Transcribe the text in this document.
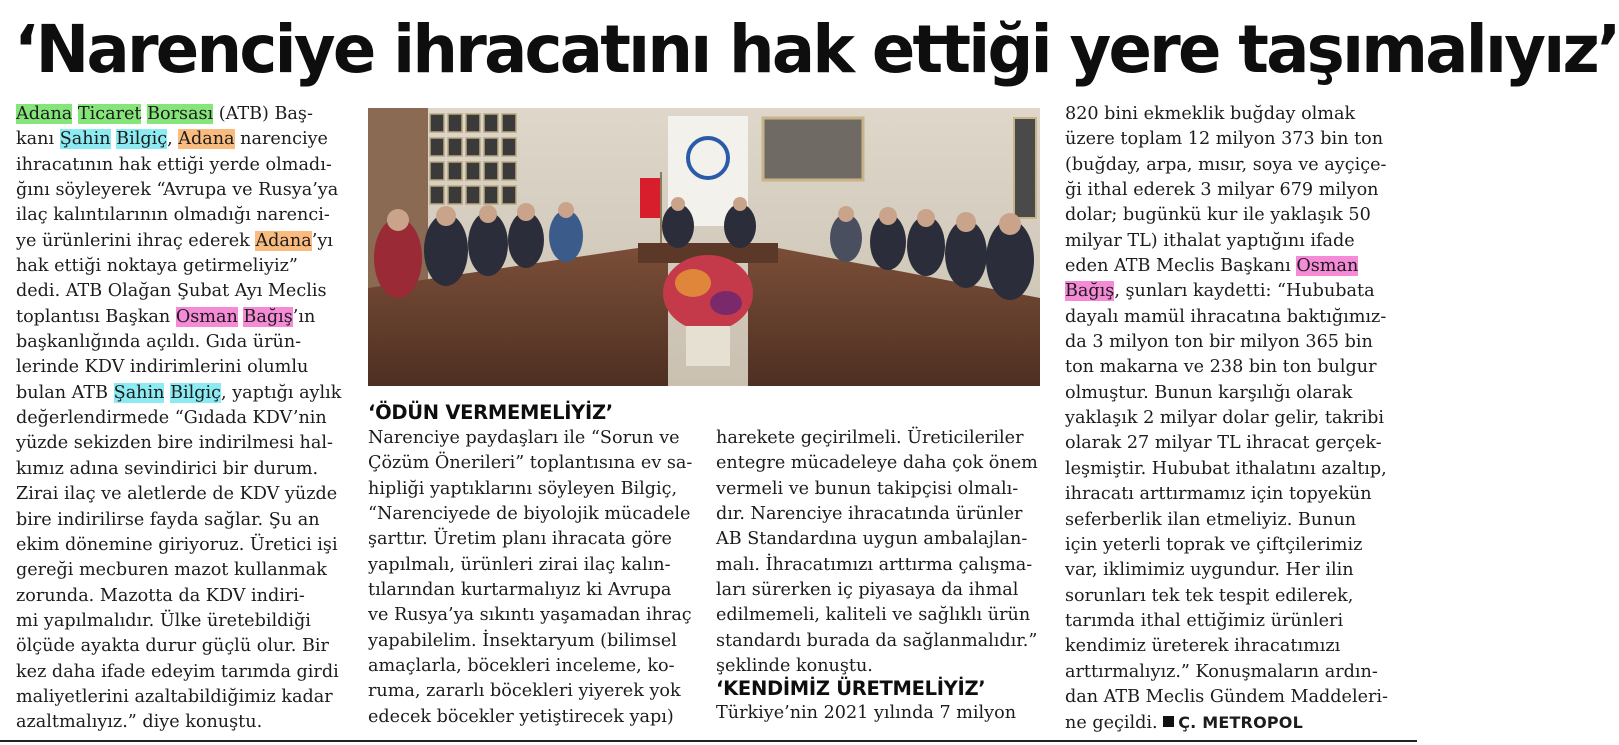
‘Narenciye ihracatını hak ettiği yere taşımalıyız’
Adana Ticaret Borsası (ATB) Baş-
kanı Şahin Bilgiç, Adana narenciye
ihracatının hak ettiği yerde olmadı-
ğını söyleyerek “Avrupa ve Rusya’ya
ilaç kalıntılarının olmadığı narenci-
ye ürünlerini ihraç ederek Adana’yı
hak ettiği noktaya getirmeliyiz”
dedi. ATB Olağan Şubat Ayı Meclis
toplantısı Başkan Osman Bağış’ın
başkanlığında açıldı. Gıda ürün-
lerinde KDV indirimlerini olumlu
bulan ATB Şahin Bilgiç, yaptığı aylık
değerlendirmede “Gıdada KDV’nin
yüzde sekizden bire indirilmesi hal-
kımız adına sevindirici bir durum.
Zirai ilaç ve aletlerde de KDV yüzde
bire indirilirse fayda sağlar. Şu an
ekim dönemine giriyoruz. Üretici işi
gereği mecburen mazot kullanmak
zorunda. Mazotta da KDV indiri-
mi yapılmalıdır. Ülke üretebildiği
ölçüde ayakta durur güçlü olur. Bir
kez daha ifade edeyim tarımda girdi
maliyetlerini azaltabildiğimiz kadar
azaltmalıyız.” diye konuştu.
‘ÖDÜN VERMEMELİYİZ’
Narenciye paydaşları ile “Sorun ve
Çözüm Önerileri” toplantısına ev sa-
hipliği yaptıklarını söyleyen Bilgiç,
“Narenciyede de biyolojik mücadele
şarttır. Üretim planı ihracata göre
yapılmalı, ürünleri zirai ilaç kalın-
tılarından kurtarmalıyız ki Avrupa
ve Rusya’ya sıkıntı yaşamadan ihraç
yapabilelim. İnsektaryum (bilimsel
amaçlarla, böcekleri inceleme, ko-
ruma, zararlı böcekleri yiyerek yok
edecek böcekler yetiştirecek yapı)
harekete geçirilmeli. Üreticileriler
entegre mücadeleye daha çok önem
vermeli ve bunun takipçisi olmalı-
dır. Narenciye ihracatında ürünler
AB Standardına uygun ambalajlan-
malı. İhracatımızı arttırma çalışma-
ları sürerken iç piyasaya da ihmal
edilmemeli, kaliteli ve sağlıklı ürün
standardı burada da sağlanmalıdır.”
şeklinde konuştu.
‘KENDİMİZ ÜRETMELİYİZ’
Türkiye’nin 2021 yılında 7 milyon
820 bini ekmeklik buğday olmak
üzere toplam 12 milyon 373 bin ton
(buğday, arpa, mısır, soya ve ayçiçe-
ği ithal ederek 3 milyar 679 milyon
dolar; bugünkü kur ile yaklaşık 50
milyar TL) ithalat yaptığını ifade
eden ATB Meclis Başkanı Osman
Bağış, şunları kaydetti: “Hububata
dayalı mamül ihracatına baktığımız-
da 3 milyon ton bir milyon 365 bin
ton makarna ve 238 bin ton bulgur
olmuştur. Bunun karşılığı olarak
yaklaşık 2 milyar dolar gelir, takribi
olarak 27 milyar TL ihracat gerçek-
leşmiştir. Hububat ithalatını azaltıp,
ihracatı arttırmamız için topyekün
seferberlik ilan etmeliyiz. Bunun
için yeterli toprak ve çiftçilerimiz
var, iklimimiz uygundur. Her ilin
sorunları tek tek tespit edilerek,
tarımda ithal ettiğimiz ürünleri
kendimiz üreterek ihracatımızı
arttırmalıyız.” Konuşmaların ardın-
dan ATB Meclis Gündem Maddeleri-
ne geçildi. Ç. METROPOL
